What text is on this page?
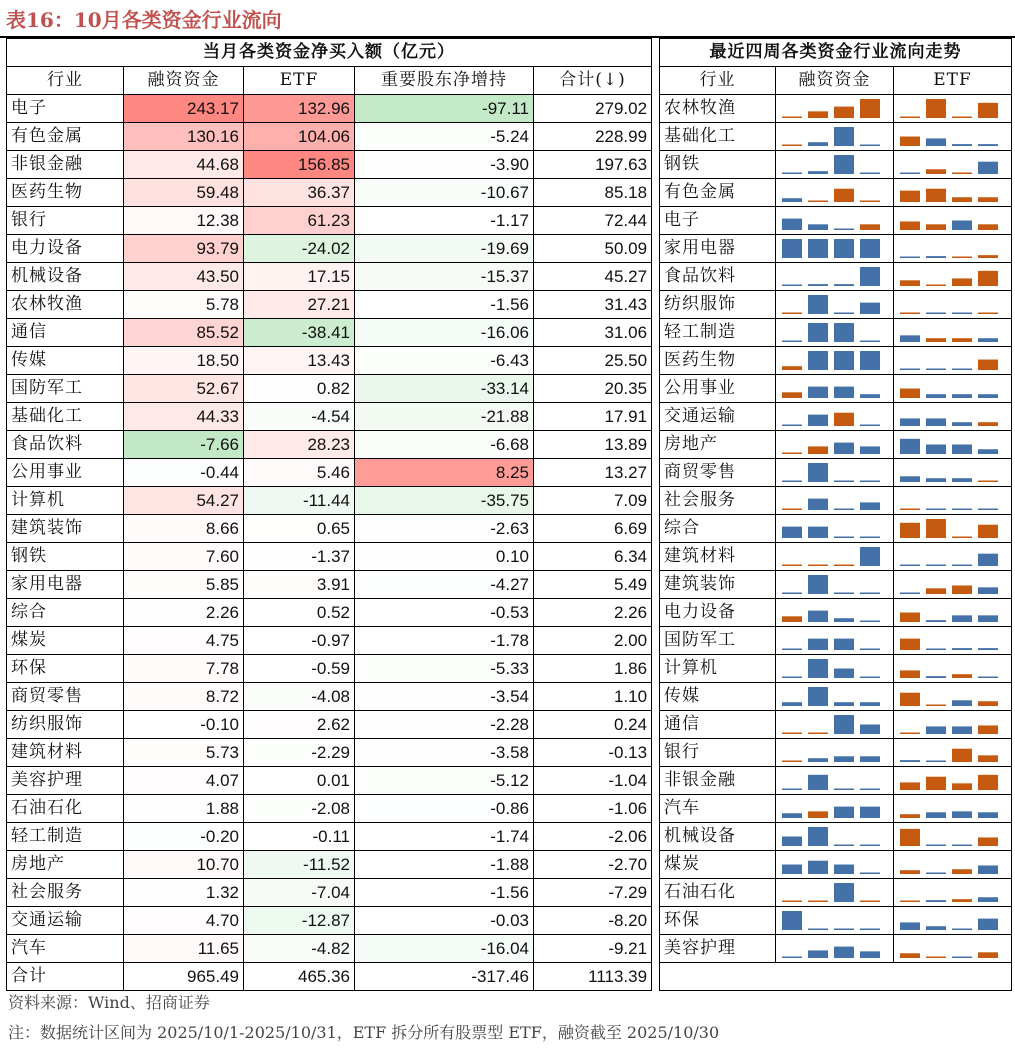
表16：10月各类资金行业流向
当月各类资金净买入额（亿元）				
行业	融资资金	ETF	重要股东净增持	合计(↓)
电子	243.17	132.96	-97.11	279.02
有色金属	130.16	104.06	-5.24	228.99
非银金融	44.68	156.85	-3.90	197.63
医药生物	59.48	36.37	-10.67	85.18
银行	12.38	61.23	-1.17	72.44
电力设备	93.79	-24.02	-19.69	50.09
机械设备	43.50	17.15	-15.37	45.27
农林牧渔	5.78	27.21	-1.56	31.43
通信	85.52	-38.41	-16.06	31.06
传媒	18.50	13.43	-6.43	25.50
国防军工	52.67	0.82	-33.14	20.35
基础化工	44.33	-4.54	-21.88	17.91
食品饮料	-7.66	28.23	-6.68	13.89
公用事业	-0.44	5.46	8.25	13.27
计算机	54.27	-11.44	-35.75	7.09
建筑装饰	8.66	0.65	-2.63	6.69
钢铁	7.60	-1.37	0.10	6.34
家用电器	5.85	3.91	-4.27	5.49
综合	2.26	0.52	-0.53	2.26
煤炭	4.75	-0.97	-1.78	2.00
环保	7.78	-0.59	-5.33	1.86
商贸零售	8.72	-4.08	-3.54	1.10
纺织服饰	-0.10	2.62	-2.28	0.24
建筑材料	5.73	-2.29	-3.58	-0.13
美容护理	4.07	0.01	-5.12	-1.04
石油石化	1.88	-2.08	-0.86	-1.06
轻工制造	-0.20	-0.11	-1.74	-2.06
房地产	10.70	-11.52	-1.88	-2.70
社会服务	1.32	-7.04	-1.56	-7.29
交通运输	4.70	-12.87	-0.03	-8.20
汽车	11.65	-4.82	-16.04	-9.21
合计	965.49	465.36	-317.46	1113.39
最近四周各类资金行业流向走势		
行业	融资资金	ETF
农林牧渔	

基础化工	

钢铁	

有色金属	

电子	

家用电器	

食品饮料	

纺织服饰	

轻工制造	

医药生物	

公用事业	

交通运输	

房地产	

商贸零售	

社会服务	

综合	

建筑材料	

建筑装饰	

电力设备	

国防军工	

计算机	

传媒	

通信	

银行	

非银金融	

汽车	

机械设备	

煤炭	

石油石化	

环保	

美容护理	

资料来源：Wind、招商证券
注：数据统计区间为 2025/10/1-2025/10/31，ETF 拆分所有股票型 ETF，融资截至 2025/10/30
